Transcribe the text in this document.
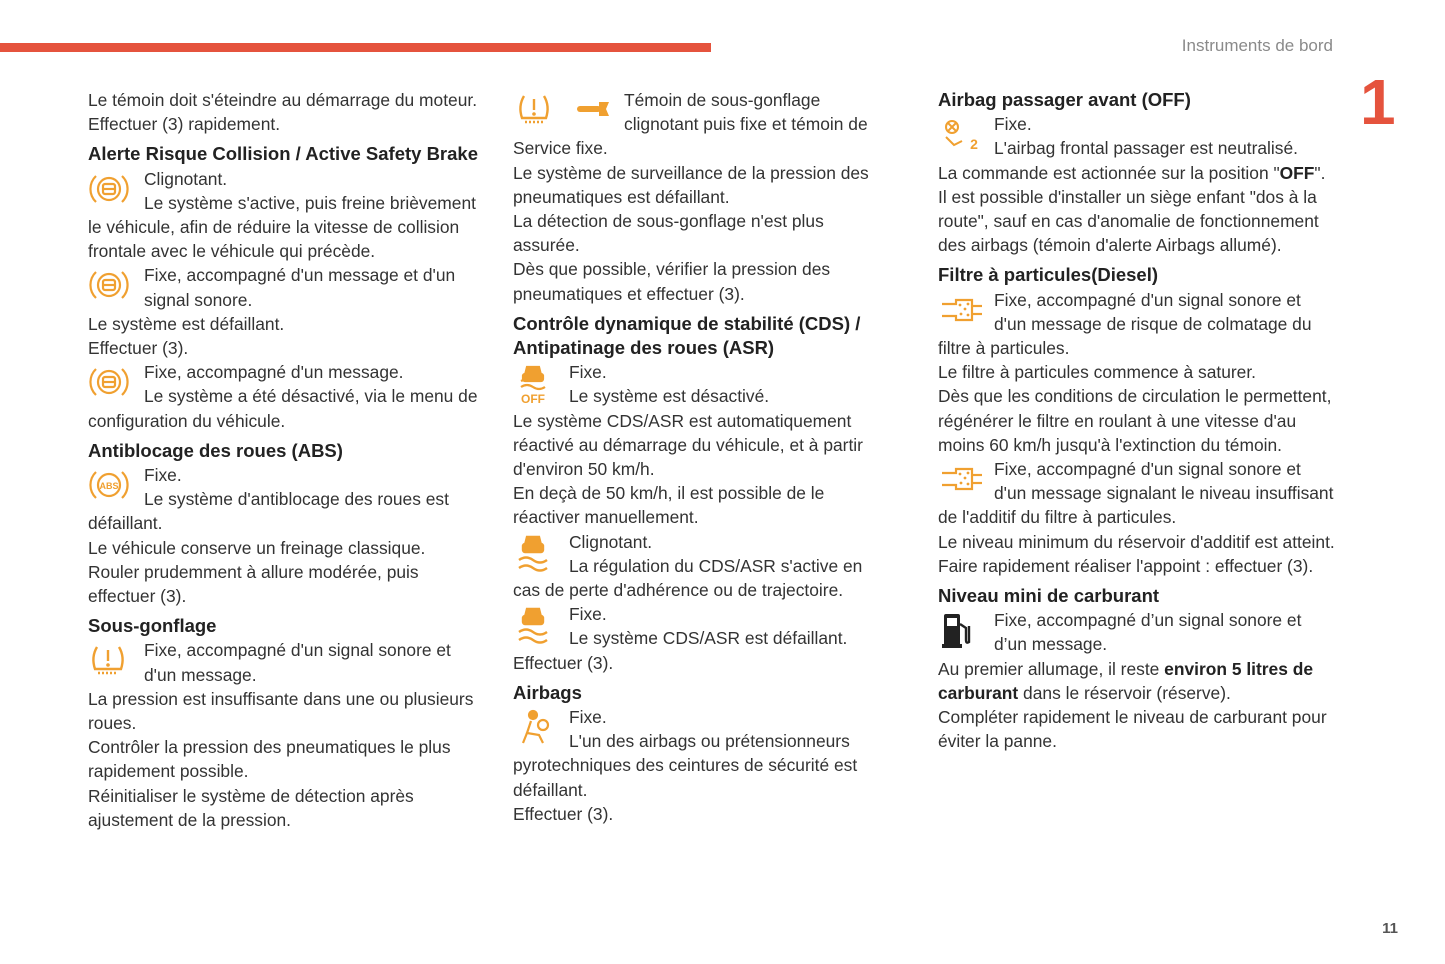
Instruments de bord
1
11

Le témoin doit s'éteindre au démarrage du moteur.

Effectuer (3) rapidement.

Alerte Risque Collision / Active Safety Brake

Clignotant.

Le système s'active, puis freine brièvement le véhicule, afin de réduire la vitesse de collision frontale avec le véhicule qui précède.

Fixe, accompagné d'un message et d'un signal sonore.

Le système est défaillant.

Effectuer (3).

Fixe, accompagné d'un message.

Le système a été désactivé, via le menu de configuration du véhicule.

Antiblocage des roues (ABS)
ABS

Fixe.

Le système d'antiblocage des roues est défaillant.

Le véhicule conserve un freinage classique.

Rouler prudemment à allure modérée, puis effectuer (3).

Sous-gonflage

Fixe, accompagné d'un signal sonore et d'un message.

La pression est insuffisante dans une ou plusieurs roues.

Contrôler la pression des pneumatiques le plus rapidement possible.

Réinitialiser le système de détection après ajustement de la pression.

Témoin de sous-gonflage clignotant puis fixe et témoin de Service fixe.

Le système de surveillance de la pression des pneumatiques est défaillant.

La détection de sous-gonflage n'est plus assurée.

Dès que possible, vérifier la pression des pneumatiques et effectuer (3).

Contrôle dynamique de stabilité (CDS) / Antipatinage des roues (ASR)
OFF

Fixe.

Le système est désactivé.

Le système CDS/ASR est automatiquement réactivé au démarrage du véhicule, et à partir d'environ 50 km/h.

En deçà de 50 km/h, il est possible de le réactiver manuellement.

Clignotant.

La régulation du CDS/ASR s'active en cas de perte d'adhérence ou de trajectoire.

Fixe.

Le système CDS/ASR est défaillant.

Effectuer (3).

Airbags

Fixe.

L'un des airbags ou prétensionneurs pyrotechniques des ceintures de sécurité est défaillant.

Effectuer (3).

Airbag passager avant (OFF)
2

Fixe.

L'airbag frontal passager est neutralisé.

La commande est actionnée sur la position "OFF".

Il est possible d'installer un siège enfant "dos à la route", sauf en cas d'anomalie de fonctionnement des airbags (témoin d'alerte Airbags allumé).

Filtre à particules(Diesel)

Fixe, accompagné d'un signal sonore et d'un message de risque de colmatage du filtre à particules.

Le filtre à particules commence à saturer.

Dès que les conditions de circulation le permettent, régénérer le filtre en roulant à une vitesse d'au moins 60 km/h jusqu'à l'extinction du témoin.

Fixe, accompagné d'un signal sonore et d'un message signalant le niveau insuffisant de l'additif du filtre à particules.

Le niveau minimum du réservoir d'additif est atteint.

Faire rapidement réaliser l'appoint : effectuer (3).

Niveau mini de carburant

Fixe, accompagné d’un signal sonore et d’un message.

Au premier allumage, il reste environ 5 litres de carburant dans le réservoir (réserve).

Compléter rapidement le niveau de carburant pour éviter la panne.
